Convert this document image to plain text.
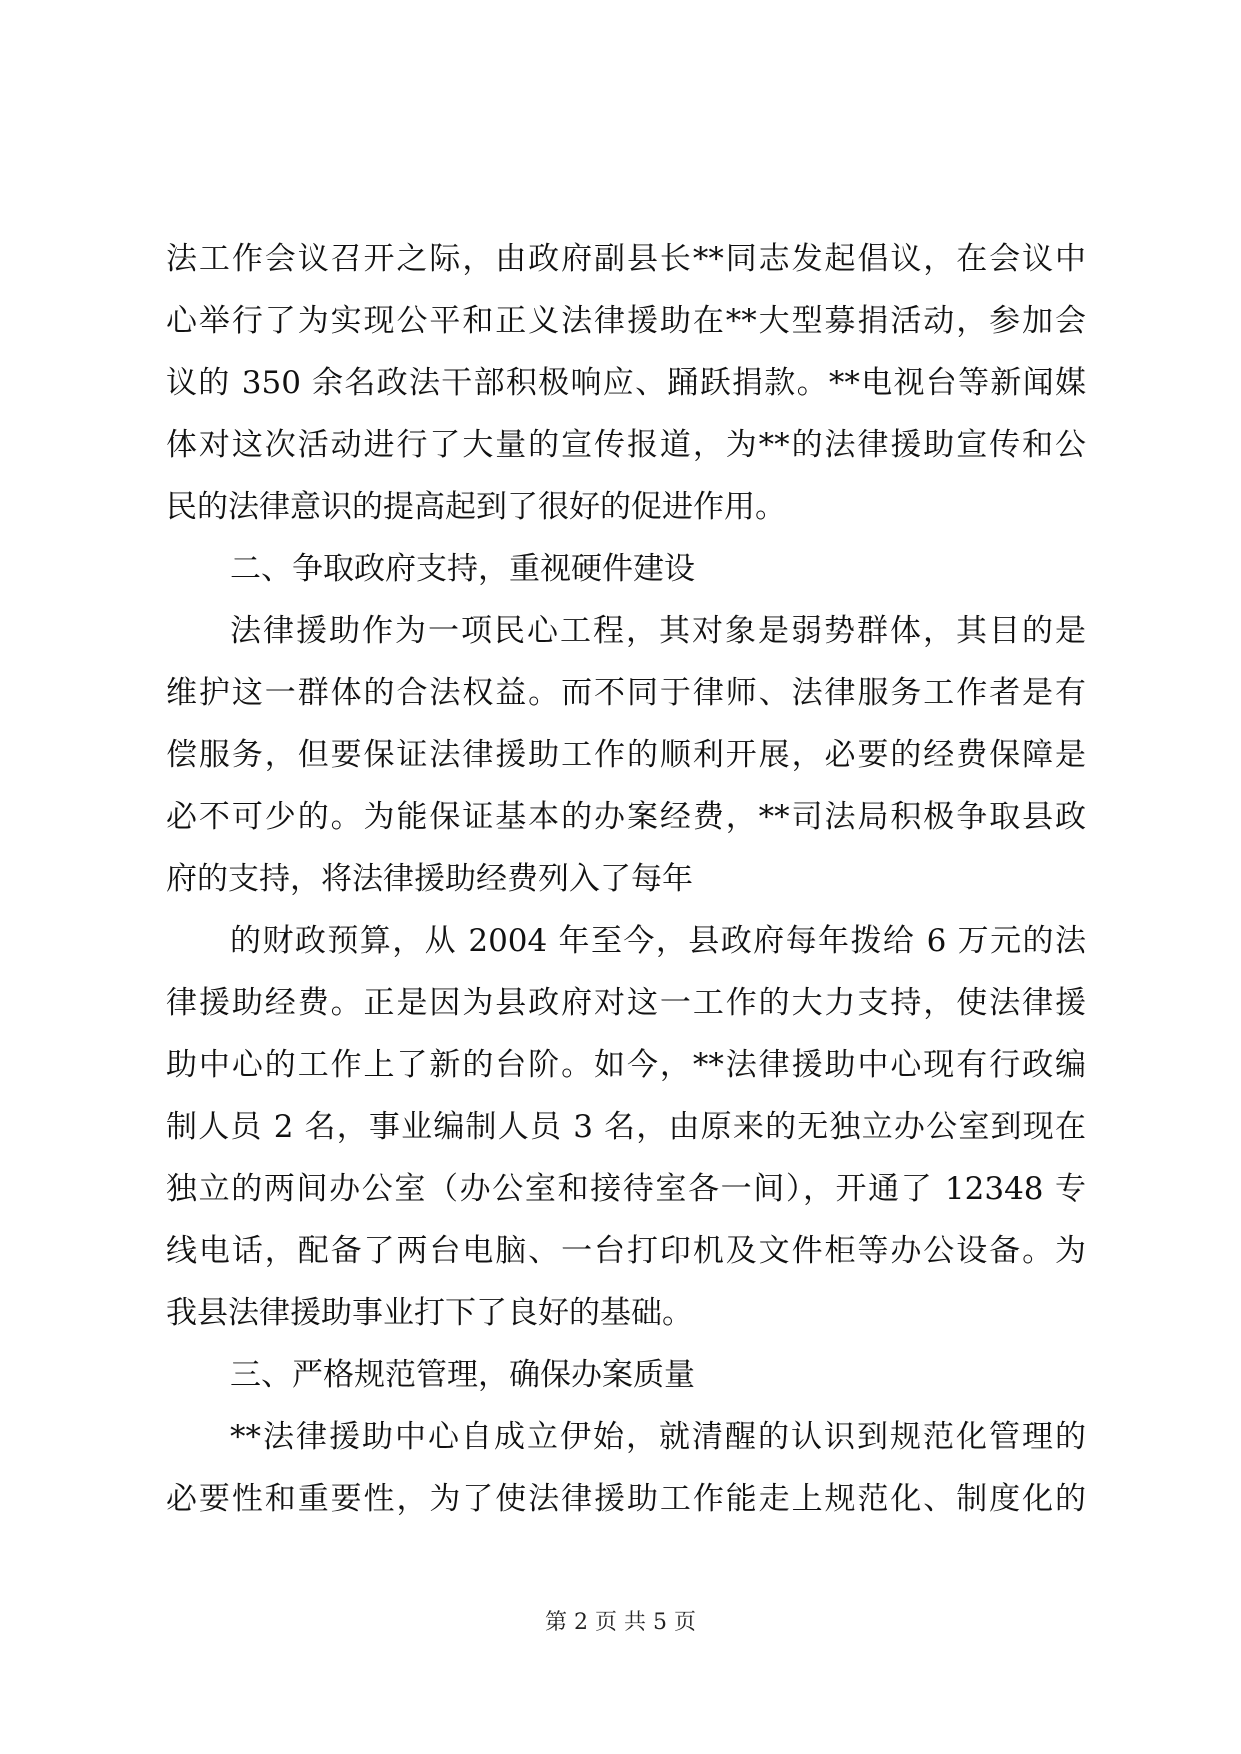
法工作会议召开之际，由政府副县长**同志发起倡议，在会议中
心举行了为实现公平和正义法律援助在**大型募捐活动，参加会
议的 350 余名政法干部积极响应、踊跃捐款。**电视台等新闻媒
体对这次活动进行了大量的宣传报道，为**的法律援助宣传和公
民的法律意识的提高起到了很好的促进作用。
二、争取政府支持，重视硬件建设
法律援助作为一项民心工程，其对象是弱势群体，其目的是
维护这一群体的合法权益。而不同于律师、法律服务工作者是有
偿服务，但要保证法律援助工作的顺利开展，必要的经费保障是
必不可少的。为能保证基本的办案经费，**司法局积极争取县政
府的支持，将法律援助经费列入了每年
的财政预算，从 2004 年至今，县政府每年拨给 6 万元的法
律援助经费。正是因为县政府对这一工作的大力支持，使法律援
助中心的工作上了新的台阶。如今，**法律援助中心现有行政编
制人员 2 名，事业编制人员 3 名，由原来的无独立办公室到现在
独立的两间办公室（办公室和接待室各一间），开通了 12348 专
线电话，配备了两台电脑、一台打印机及文件柜等办公设备。为
我县法律援助事业打下了良好的基础。
三、严格规范管理，确保办案质量
**法律援助中心自成立伊始，就清醒的认识到规范化管理的
必要性和重要性，为了使法律援助工作能走上规范化、制度化的
第 2 页 共 5 页
